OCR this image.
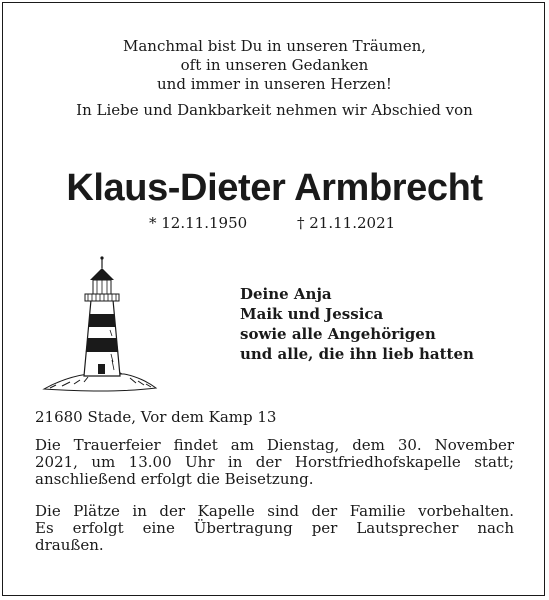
Manchmal bist Du in unseren Träumen,
oft in unseren Gedanken
und immer in unseren Herzen!
In Liebe und Dankbarkeit nehmen wir Abschied von
Klaus-Dieter Armbrecht
* 12.11.1950	† 21.11.2021
Deine Anja
Maik und Jessica
sowie alle Angehörigen
und alle, die ihn lieb hatten
21680 Stade, Vor dem Kamp 13
Die Trauerfeier findet am Dienstag, dem 30. November
2021, um 13.00 Uhr in der Horstfriedhofskapelle statt;
anschließend erfolgt die Beisetzung.
Die Plätze in der Kapelle sind der Familie vorbehalten.
Es erfolgt eine Übertragung per Lautsprecher nach
draußen.
